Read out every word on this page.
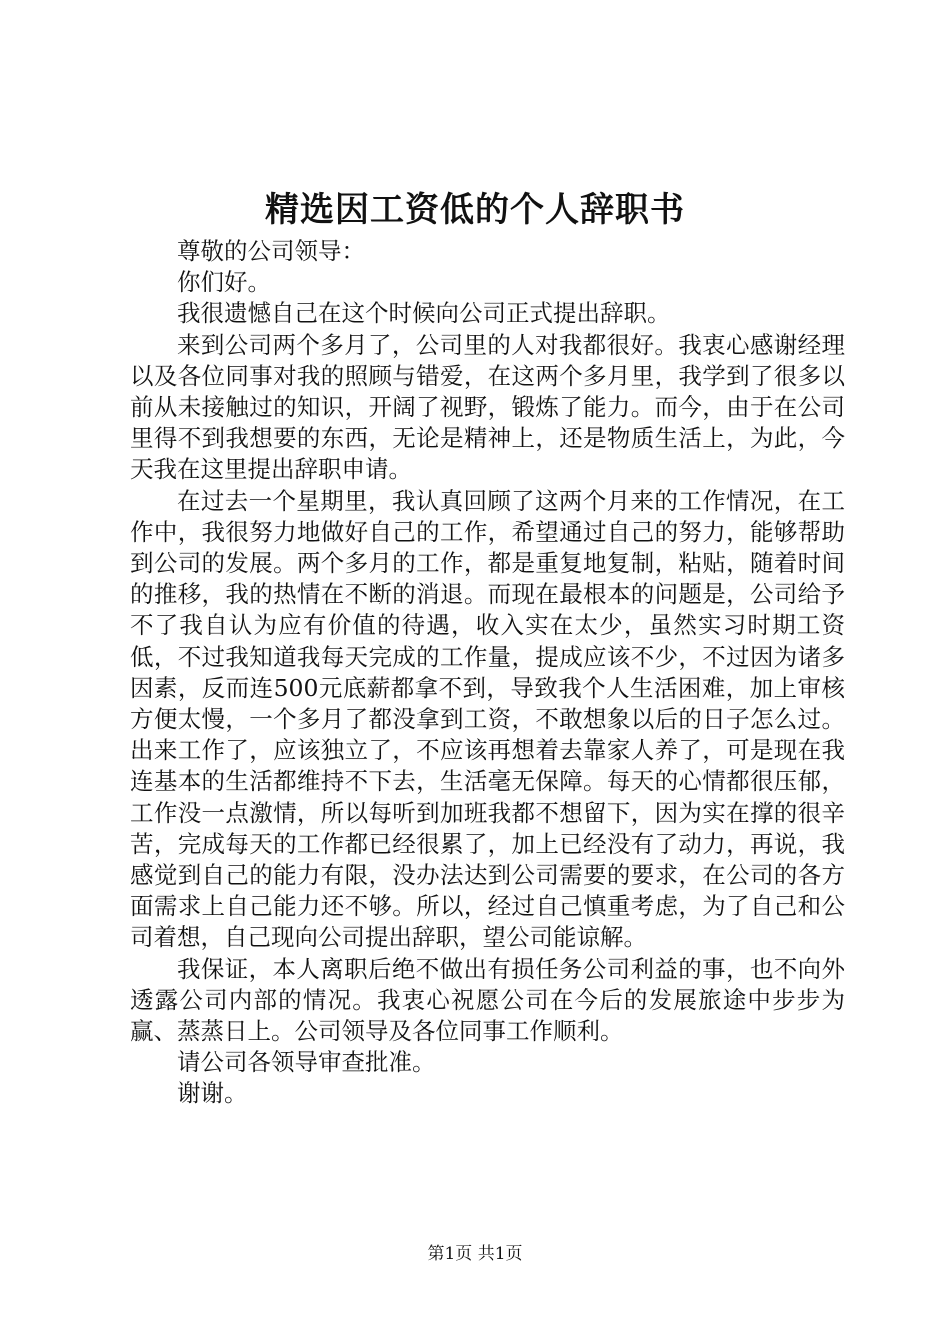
精选因工资低的个人辞职书

尊敬的公司领导：

你们好。

我很遗憾自己在这个时候向公司正式提出辞职。

来到公司两个多月了，公司里的人对我都很好。我衷心感谢经理以及各位同事对我的照顾与错爱，在这两个多月里，我学到了很多以前从未接触过的知识，开阔了视野，锻炼了能力。而今，由于在公司里得不到我想要的东西，无论是精神上，还是物质生活上，为此，今天我在这里提出辞职申请。

在过去一个星期里，我认真回顾了这两个月来的工作情况，在工作中，我很努力地做好自己的工作，希望通过自己的努力，能够帮助到公司的发展。两个多月的工作，都是重复地复制，粘贴，随着时间的推移，我的热情在不断的消退。而现在最根本的问题是，公司给予不了我自认为应有价值的待遇，收入实在太少，虽然实习时期工资低，不过我知道我每天完成的工作量，提成应该不少，不过因为诸多因素，反而连500元底薪都拿不到，导致我个人生活困难，加上审核方便太慢，一个多月了都没拿到工资，不敢想象以后的日子怎么过。出来工作了，应该独立了，不应该再想着去靠家人养了，可是现在我连基本的生活都维持不下去，生活毫无保障。每天的心情都很压郁，工作没一点激情，所以每听到加班我都不想留下，因为实在撑的很辛苦，完成每天的工作都已经很累了，加上已经没有了动力，再说，我感觉到自己的能力有限，没办法达到公司需要的要求，在公司的各方面需求上自己能力还不够。所以，经过自己慎重考虑，为了自己和公司着想，自己现向公司提出辞职，望公司能谅解。

我保证，本人离职后绝不做出有损任务公司利益的事，也不向外透露公司内部的情况。我衷心祝愿公司在今后的发展旅途中步步为赢、蒸蒸日上。公司领导及各位同事工作顺利。

请公司各领导审查批准。

谢谢。

第1页 共1页
